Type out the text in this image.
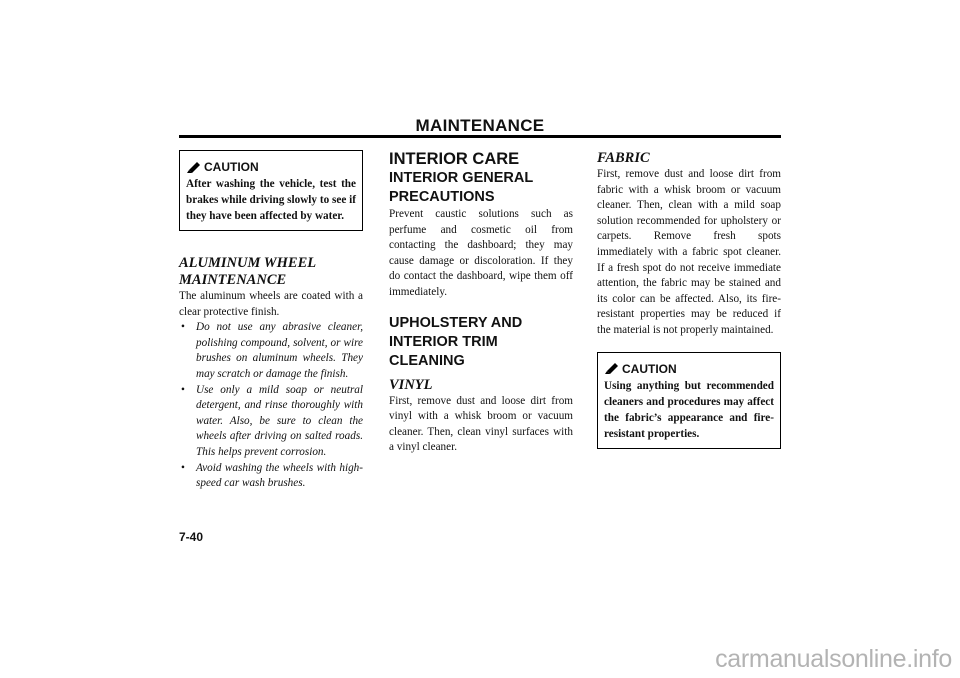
MAINTENANCE
CAUTION
After washing the vehicle, test the brakes while driving slowly to see if they have been affected by water.
ALUMINUM WHEEL MAINTENANCE

The aluminum wheels are coated with a clear protective finish.

• Do not use any abrasive cleaner, polishing compound, solvent, or wire brushes on aluminum wheels. They may scratch or damage the finish.
• Use only a mild soap or neutral detergent, and rinse thoroughly with water. Also, be sure to clean the wheels after driving on salted roads. This helps prevent corrosion.
• Avoid washing the wheels with high-speed car wash brushes.
INTERIOR CARE
INTERIOR GENERAL PRECAUTIONS

Prevent caustic solutions such as perfume and cosmetic oil from contacting the dashboard; they may cause damage or discoloration. If they do contact the dashboard, wipe them off immediately.

UPHOLSTERY AND INTERIOR TRIM CLEANING
VINYL

First, remove dust and loose dirt from vinyl with a whisk broom or vacuum cleaner. Then, clean vinyl surfaces with a vinyl cleaner.

FABRIC

First, remove dust and loose dirt from fabric with a whisk broom or vacuum cleaner. Then, clean with a mild soap solution recommended for upholstery or carpets. Remove fresh spots immediately with a fabric spot cleaner. If a fresh spot do not receive immediate attention, the fabric may be stained and its color can be affected. Also, its fire-resistant properties may be reduced if the material is not properly maintained.

CAUTION
Using anything but recommended cleaners and procedures may affect the fabric’s appearance and fire-resistant properties.
7-40
carmanualsonline.info
